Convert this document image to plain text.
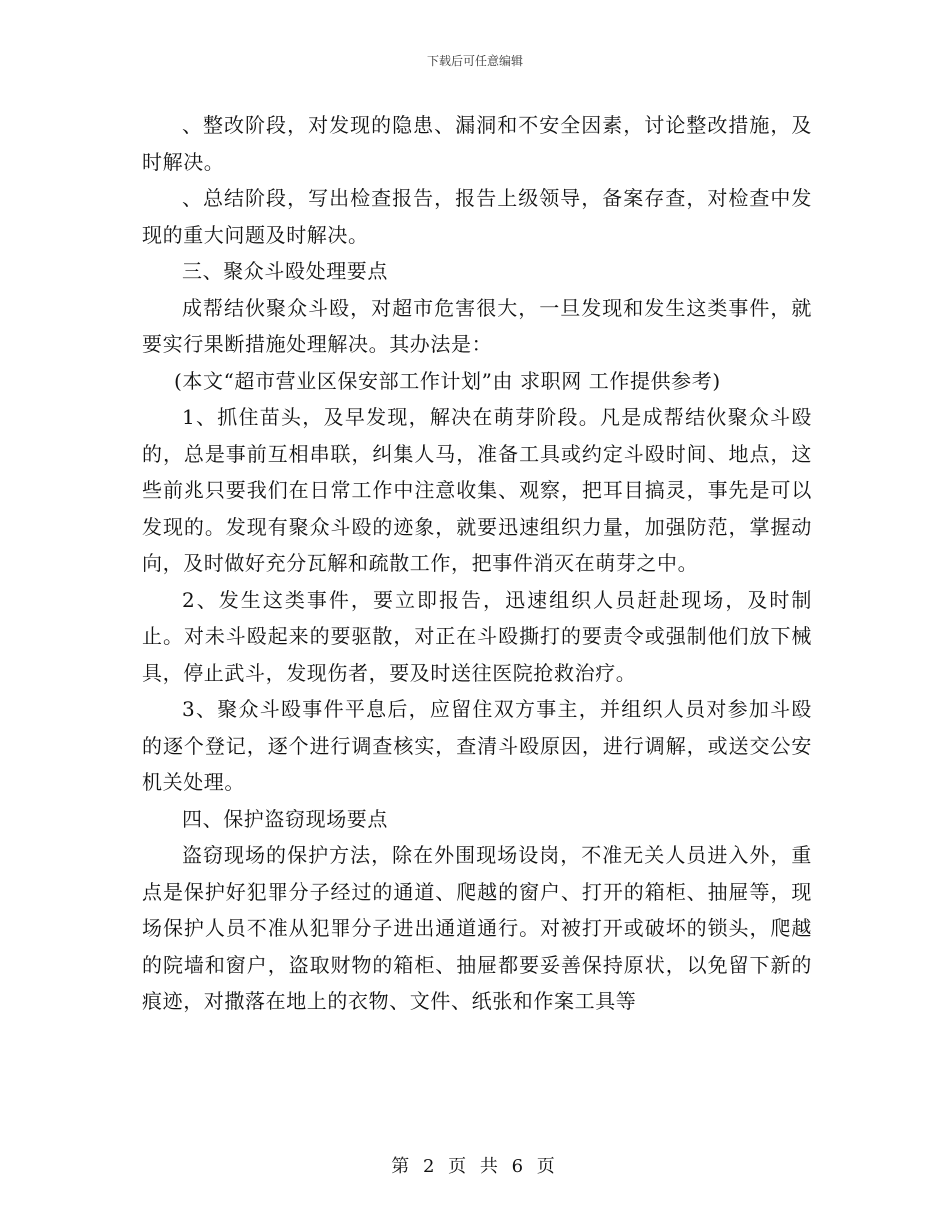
下载后可任意编辑

、整改阶段，对发现的隐患、漏洞和不安全因素，讨论整改措施，及时解决。

、总结阶段，写出检查报告，报告上级领导，备案存查，对检查中发现的重大问题及时解决。

三、聚众斗殴处理要点

成帮结伙聚众斗殴，对超市危害很大，一旦发现和发生这类事件，就要实行果断措施处理解决。其办法是：

(本文“超市营业区保安部工作计划”由 求职网 工作提供参考)

1、抓住苗头，及早发现，解决在萌芽阶段。凡是成帮结伙聚众斗殴的，总是事前互相串联，纠集人马，准备工具或约定斗殴时间、地点，这些前兆只要我们在日常工作中注意收集、观察，把耳目搞灵，事先是可以发现的。发现有聚众斗殴的迹象，就要迅速组织力量，加强防范，掌握动向，及时做好充分瓦解和疏散工作，把事件消灭在萌芽之中。

2、发生这类事件，要立即报告，迅速组织人员赶赴现场，及时制止。对未斗殴起来的要驱散，对正在斗殴撕打的要责令或强制他们放下械具，停止武斗，发现伤者，要及时送往医院抢救治疗。

3、聚众斗殴事件平息后，应留住双方事主，并组织人员对参加斗殴的逐个登记，逐个进行调查核实，查清斗殴原因，进行调解，或送交公安机关处理。

四、保护盗窃现场要点

盗窃现场的保护方法，除在外围现场设岗，不准无关人员进入外，重点是保护好犯罪分子经过的通道、爬越的窗户、打开的箱柜、抽屉等，现场保护人员不准从犯罪分子进出通道通行。对被打开或破坏的锁头，爬越的院墙和窗户，盗取财物的箱柜、抽屉都要妥善保持原状，以免留下新的痕迹，对撒落在地上的衣物、文件、纸张和作案工具等

第 2 页 共 6 页
